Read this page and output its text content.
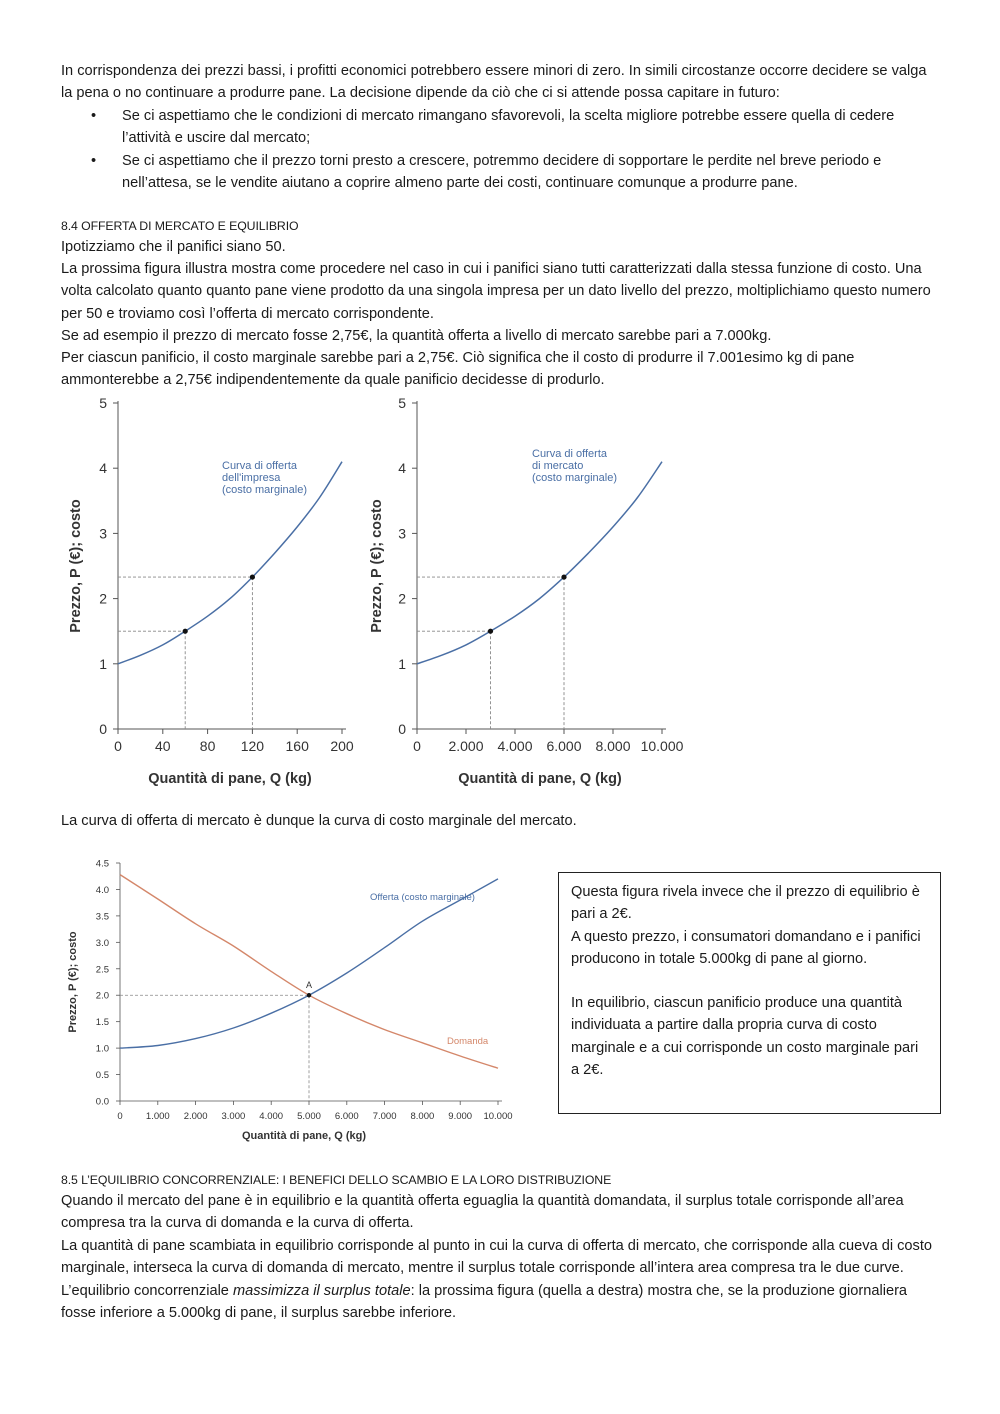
In corrispondenza dei prezzi bassi, i profitti economici potrebbero essere minori di zero. In simili circostanze occorre decidere se valga la pena o no continuare a produrre pane. La decisione dipende da ciò che ci si attende possa capitare in futuro:

• Se ci aspettiamo che le condizioni di mercato rimangano sfavorevoli, la scelta migliore potrebbe essere quella di cedere l’attività e uscire dal mercato;
• Se ci aspettiamo che il prezzo torni presto a crescere, potremmo decidere di sopportare le perdite nel breve periodo e nell’attesa, se le vendite aiutano a coprire almeno parte dei costi, continuare comunque a produrre pane.
8.4 OFFERTA DI MERCATO E EQUILIBRIO

Ipotizziamo che il panifici siano 50.

La prossima figura illustra mostra come procedere nel caso in cui i panifici siano tutti caratterizzati dalla stessa funzione di costo. Una volta calcolato quanto quanto pane viene prodotto da una singola impresa per un dato livello del prezzo, moltiplichiamo questo numero per 50 e troviamo così l’offerta di mercato corrispondente.

Se ad esempio il prezzo di mercato fosse 2,75€, la quantità offerta a livello di mercato sarebbe pari a 7.000kg.

Per ciascun panificio, il costo marginale sarebbe pari a 2,75€. Ciò significa che il costo di produrre il 7.001esimo kg di pane ammonterebbe a 2,75€ indipendentemente da quale panificio decidesse di produrlo.

0
1
2
3
4
5
0 40 80 120 160 200
Quantità di pane, Q (kg)
Prezzo, P (€); costo
Curva di offerta
dell'impresa
(costo marginale)
0
1
2
3
4
5
0 2.000 4.000 6.000 8.000 10.000
Quantità di pane, Q (kg)
Prezzo, P (€); costo
Curva di offerta
di mercato
(costo marginale)

La curva di offerta di mercato è dunque la curva di costo marginale del mercato.

0.0
0.5
1.0
1.5
2.0
2.5
3.0
3.5
4.0
4.5
0 1.000 2.000 3.000 4.000 5.000 6.000 7.000 8.000 9.000 10.000
Quantità di pane, Q (kg)
Prezzo, P (€); costo	A
Offerta (costo marginale)
Domanda

Questa figura rivela invece che il prezzo di equilibrio è pari a 2€.

A questo prezzo, i consumatori domandano e i panifici producono in totale 5.000kg di pane al giorno.

In equilibrio, ciascun panificio produce una quantità individuata a partire dalla propria curva di costo marginale e a cui corrisponde un costo marginale pari a 2€.

8.5 L’EQUILIBRIO CONCORRENZIALE: I BENEFICI DELLO SCAMBIO E LA LORO DISTRIBUZIONE

Quando il mercato del pane è in equilibrio e la quantità offerta eguaglia la quantità domandata, il surplus totale corrisponde all’area compresa tra la curva di domanda e la curva di offerta.

La quantità di pane scambiata in equilibrio corrisponde al punto in cui la curva di offerta di mercato, che corrisponde alla cueva di costo marginale, interseca la curva di domanda di mercato, mentre il surplus totale corrisponde all’intera area compresa tra le due curve. L’equilibrio concorrenziale massimizza il surplus totale: la prossima figura (quella a destra) mostra che, se la produzione giornaliera fosse inferiore a 5.000kg di pane, il surplus sarebbe inferiore.
